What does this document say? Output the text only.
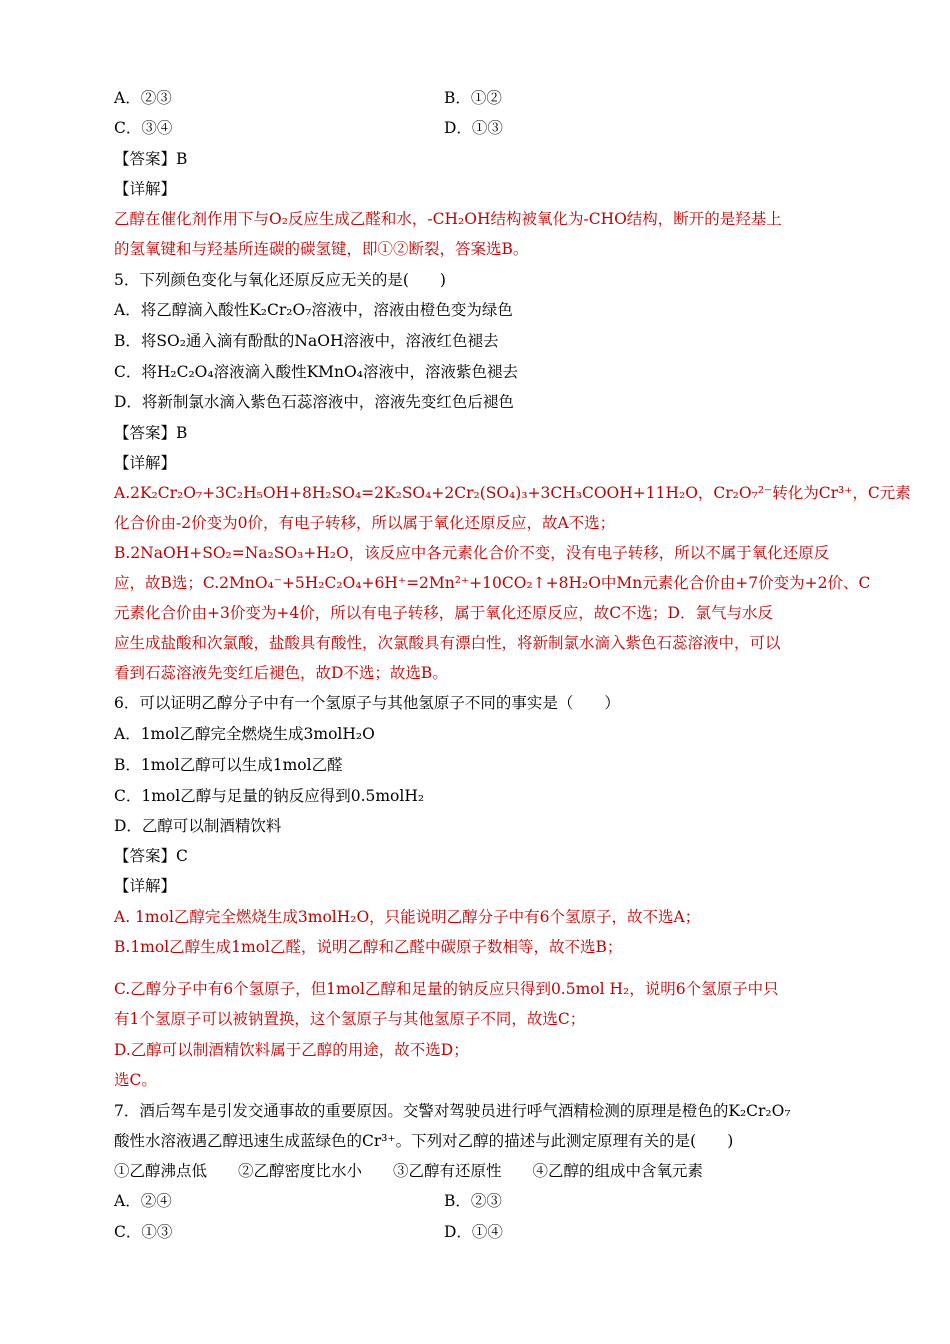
A．②③	B．①②
C．③④	D．①③
【答案】B
【详解】
乙醇在催化剂作用下与O₂反应生成乙醛和水，-CH₂OH结构被氧化为-CHO结构，断开的是羟基上
的氢氧键和与羟基所连碳的碳氢键，即①②断裂，答案选B。
5．下列颜色变化与氧化还原反应无关的是(　　)
A．将乙醇滴入酸性K₂Cr₂O₇溶液中，溶液由橙色变为绿色
B．将SO₂通入滴有酚酞的NaOH溶液中，溶液红色褪去
C．将H₂C₂O₄溶液滴入酸性KMnO₄溶液中，溶液紫色褪去
D．将新制氯水滴入紫色石蕊溶液中，溶液先变红色后褪色
【答案】B
【详解】
A.2K₂Cr₂O₇+3C₂H₅OH+8H₂SO₄=2K₂SO₄+2Cr₂(SO₄)₃+3CH₃COOH+11H₂O，Cr₂O₇²⁻转化为Cr³⁺，C元素
化合价由-2价变为0价，有电子转移，所以属于氧化还原反应，故A不选；
B.2NaOH+SO₂=Na₂SO₃+H₂O，该反应中各元素化合价不变，没有电子转移，所以不属于氧化还原反
应，故B选；C.2MnO₄⁻+5H₂C₂O₄+6H⁺=2Mn²⁺+10CO₂↑+8H₂O中Mn元素化合价由+7价变为+2价、C
元素化合价由+3价变为+4价，所以有电子转移，属于氧化还原反应，故C不选；D．氯气与水反
应生成盐酸和次氯酸，盐酸具有酸性，次氯酸具有漂白性，将新制氯水滴入紫色石蕊溶液中，可以
看到石蕊溶液先变红后褪色，故D不选；故选B。
6．可以证明乙醇分子中有一个氢原子与其他氢原子不同的事实是（　　）
A．1mol乙醇完全燃烧生成3molH₂O
B．1mol乙醇可以生成1mol乙醛
C．1mol乙醇与足量的钠反应得到0.5molH₂
D．乙醇可以制酒精饮料
【答案】C
【详解】
A. 1mol乙醇完全燃烧生成3molH₂O，只能说明乙醇分子中有6个氢原子，故不选A；
B.1mol乙醇生成1mol乙醛，说明乙醇和乙醛中碳原子数相等，故不选B；
C.乙醇分子中有6个氢原子，但1mol乙醇和足量的钠反应只得到0.5mol H₂，说明6个氢原子中只
有1个氢原子可以被钠置换，这个氢原子与其他氢原子不同，故选C；
D.乙醇可以制酒精饮料属于乙醇的用途，故不选D；
选C。
7．酒后驾车是引发交通事故的重要原因。交警对驾驶员进行呼气酒精检测的原理是橙色的K₂Cr₂O₇
酸性水溶液遇乙醇迅速生成蓝绿色的Cr³⁺。下列对乙醇的描述与此测定原理有关的是(　　)
①乙醇沸点低　　②乙醇密度比水小　　③乙醇有还原性　　④乙醇的组成中含氧元素
A．②④	B．②③
C．①③	D．①④
